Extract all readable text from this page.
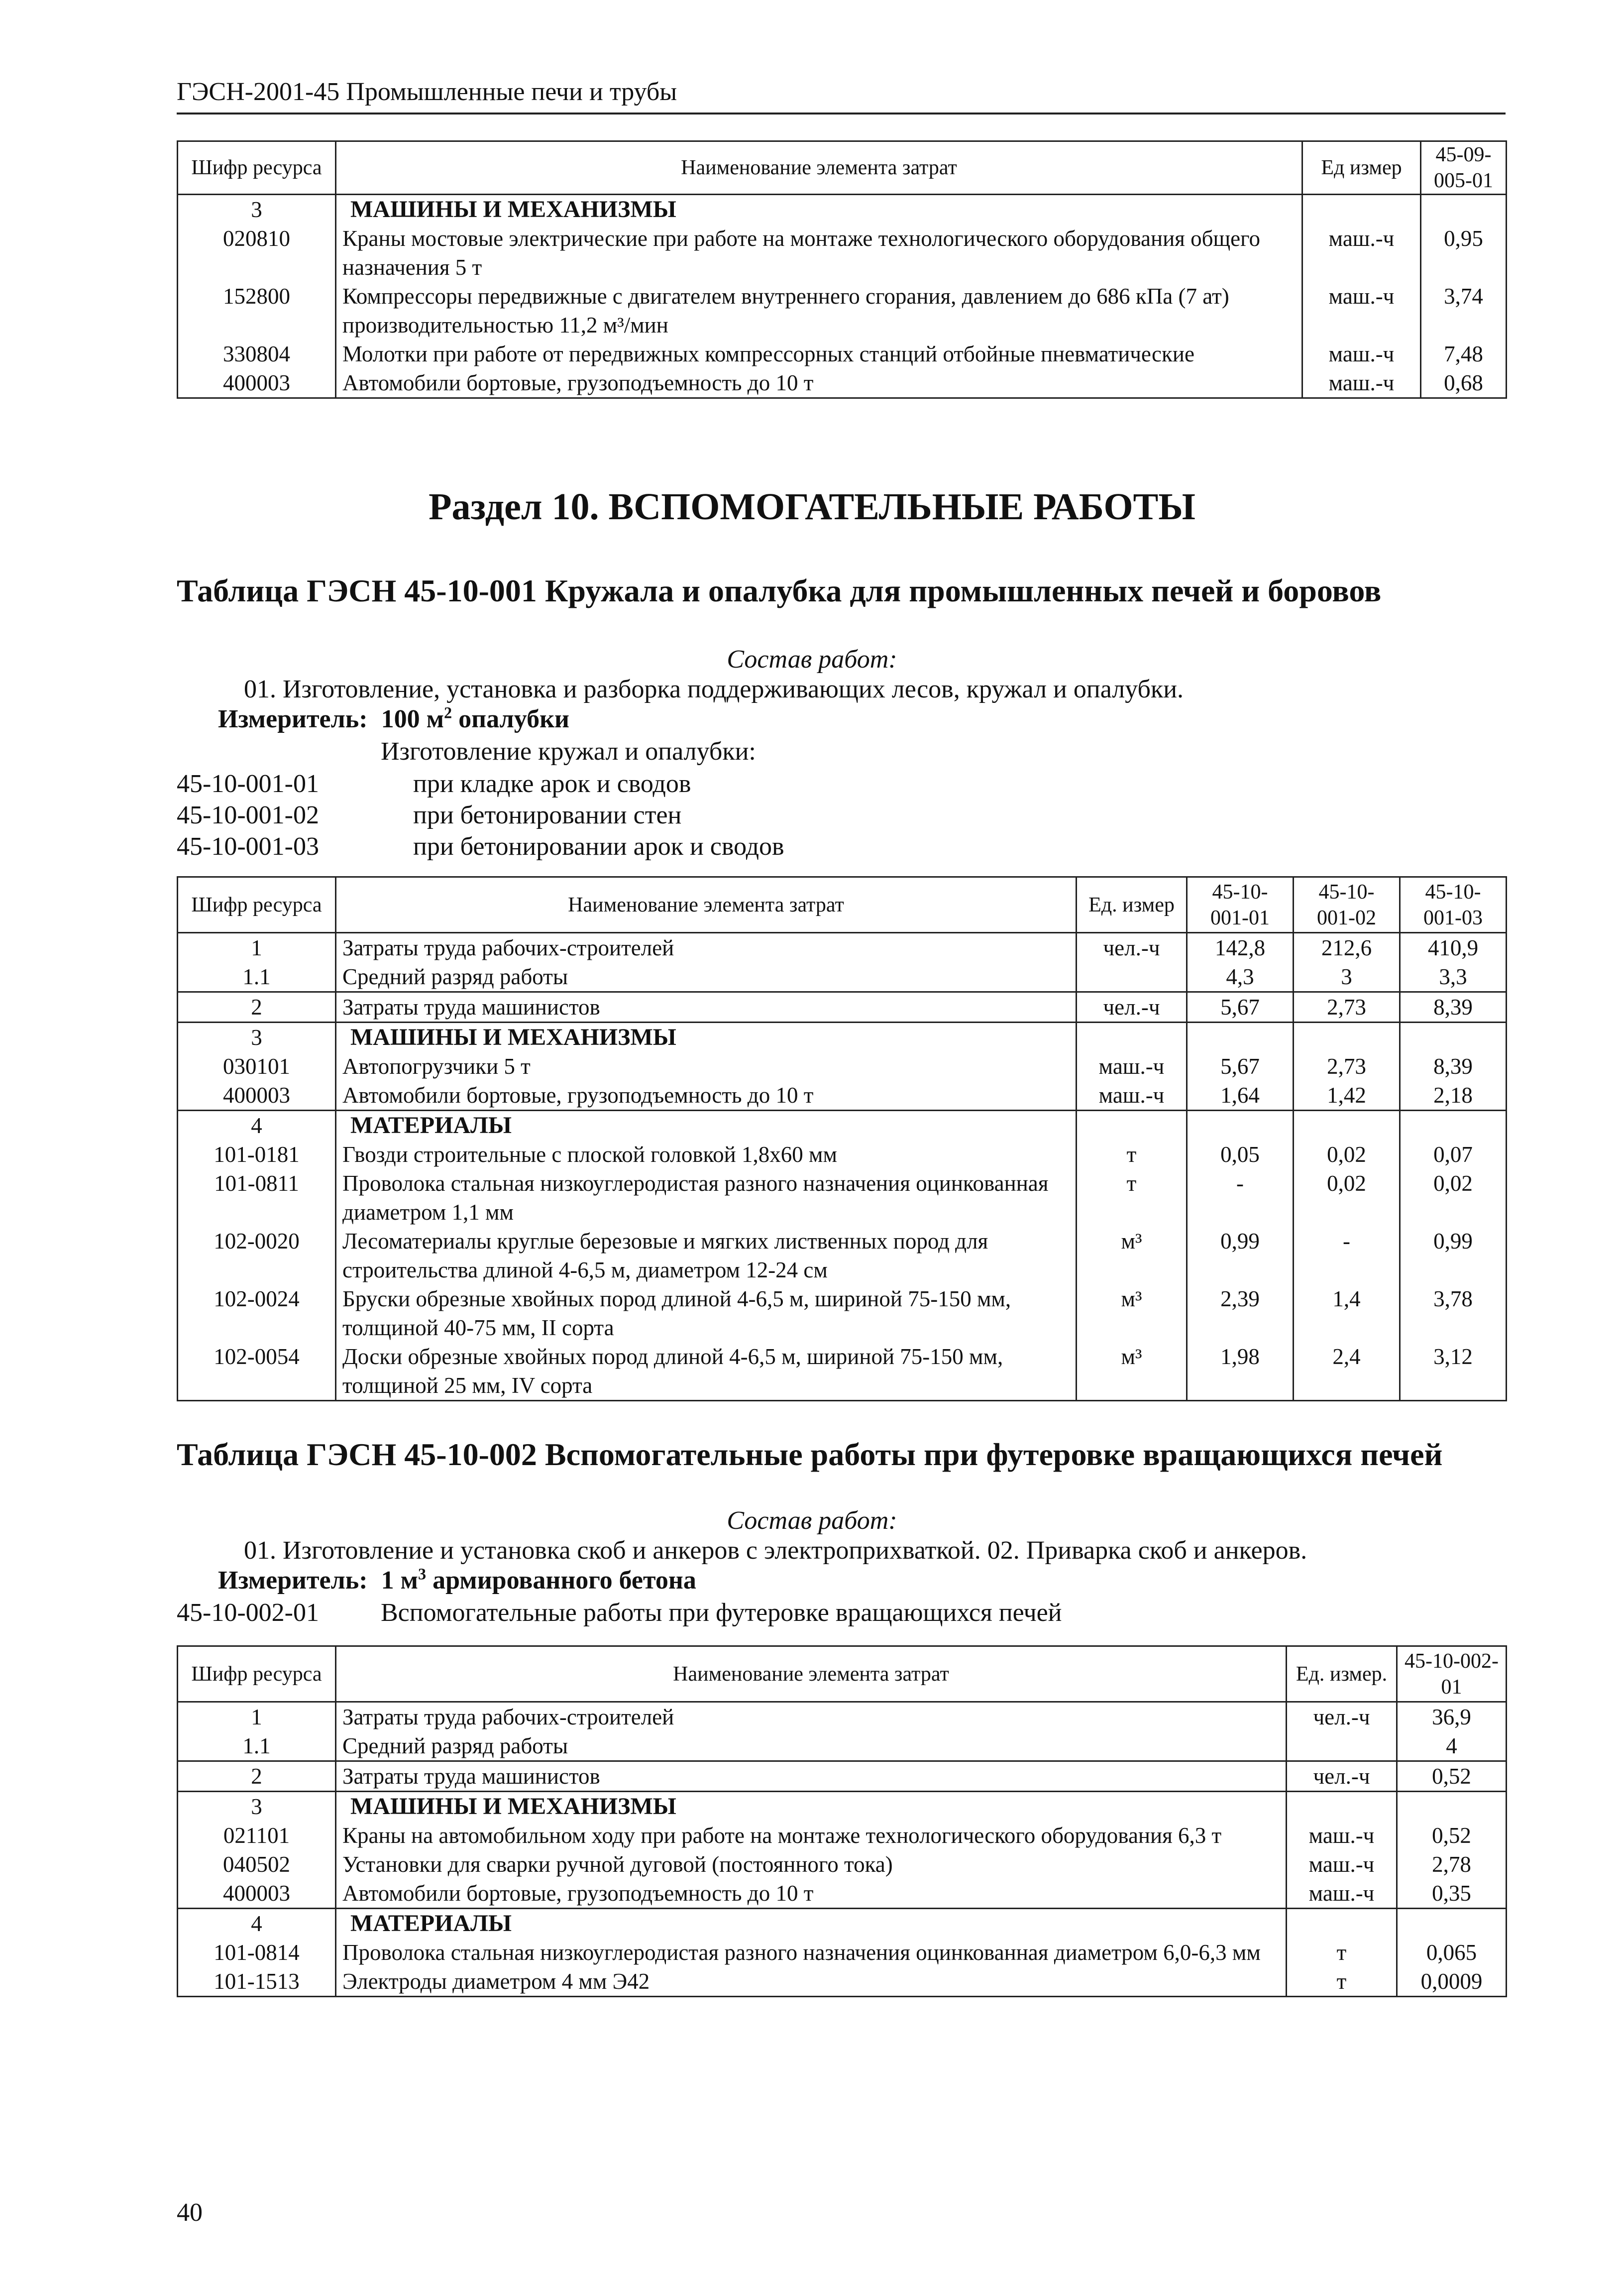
ГЭСН-2001-45 Промышленные печи и трубы
Шифр ресурса	Наименование элемента затрат	Ед измер	45-09-005-01
3	МАШИНЫ И МЕХАНИЗМЫ		
020810	Краны мостовые электрические при работе на монтаже технологического оборудования общего назначения 5 т	маш.-ч	0,95
152800	Компрессоры передвижные с двигателем внутреннего сгорания, давлением до 686 кПа (7 ат) производительностью 11,2 м³/мин	маш.-ч	3,74
330804	Молотки при работе от передвижных компрессорных станций отбойные пневматические	маш.-ч	7,48
400003	Автомобили бортовые, грузоподъемность до 10 т	маш.-ч	0,68
Раздел 10. ВСПОМОГАТЕЛЬНЫЕ РАБОТЫ
Таблица ГЭСН 45-10-001 Кружала и опалубка для промышленных печей и боровов
Состав работ:
01. Изготовление, установка и разборка поддерживающих лесов, кружал и опалубки.
Измеритель: 100 $м^2$ опалубки
Изготовление кружал и опалубки:
45-10-001-01	при кладке арок и сводов
45-10-001-02	при бетонировании стен
45-10-001-03	при бетонировании арок и сводов
Шифр ресурса	Наименование элемента затрат	Ед. измер	45-10-001-01	45-10-001-02	45-10-001-03
1	Затраты труда рабочих-строителей	чел.-ч	142,8	212,6	410,9
1.1	Средний разряд работы		4,3	3	3,3
2	Затраты труда машинистов	чел.-ч	5,67	2,73	8,39
3	МАШИНЫ И МЕХАНИЗМЫ				
030101	Автопогрузчики 5 т	маш.-ч	5,67	2,73	8,39
400003	Автомобили бортовые, грузоподъемность до 10 т	маш.-ч	1,64	1,42	2,18
4	МАТЕРИАЛЫ				
101-0181	Гвозди строительные с плоской головкой 1,8х60 мм	т	0,05	0,02	0,07
101-0811	Проволока стальная низкоуглеродистая разного назначения оцинкованная диаметром 1,1 мм	т	-	0,02	0,02
102-0020	Лесоматериалы круглые березовые и мягких лиственных пород для строительства длиной 4-6,5 м, диаметром 12-24 см	м³	0,99	-	0,99
102-0024	Бруски обрезные хвойных пород длиной 4-6,5 м, шириной 75-150 мм, толщиной 40-75 мм, II сорта	м³	2,39	1,4	3,78
102-0054	Доски обрезные хвойных пород длиной 4-6,5 м, шириной 75-150 мм, толщиной 25 мм, IV сорта	м³	1,98	2,4	3,12
Таблица ГЭСН 45-10-002 Вспомогательные работы при футеровке вращающихся печей
Состав работ:
01. Изготовление и установка скоб и анкеров с электроприхваткой. 02. Приварка скоб и анкеров.
Измеритель: 1 $м^3$ армированного бетона
45-10-002-01 Вспомогательные работы при футеровке вращающихся печей
Шифр ресурса	Наименование элемента затрат	Ед. измер.	45-10-002-01
1	Затраты труда рабочих-строителей	чел.-ч	36,9
1.1	Средний разряд работы		4
2	Затраты труда машинистов	чел.-ч	0,52
3	МАШИНЫ И МЕХАНИЗМЫ		
021101	Краны на автомобильном ходу при работе на монтаже технологического оборудования 6,3 т	маш.-ч	0,52
040502	Установки для сварки ручной дуговой (постоянного тока)	маш.-ч	2,78
400003	Автомобили бортовые, грузоподъемность до 10 т	маш.-ч	0,35
4	МАТЕРИАЛЫ		
101-0814	Проволока стальная низкоуглеродистая разного назначения оцинкованная диаметром 6,0-6,3 мм	т	0,065
101-1513	Электроды диаметром 4 мм Э42	т	0,0009
40
